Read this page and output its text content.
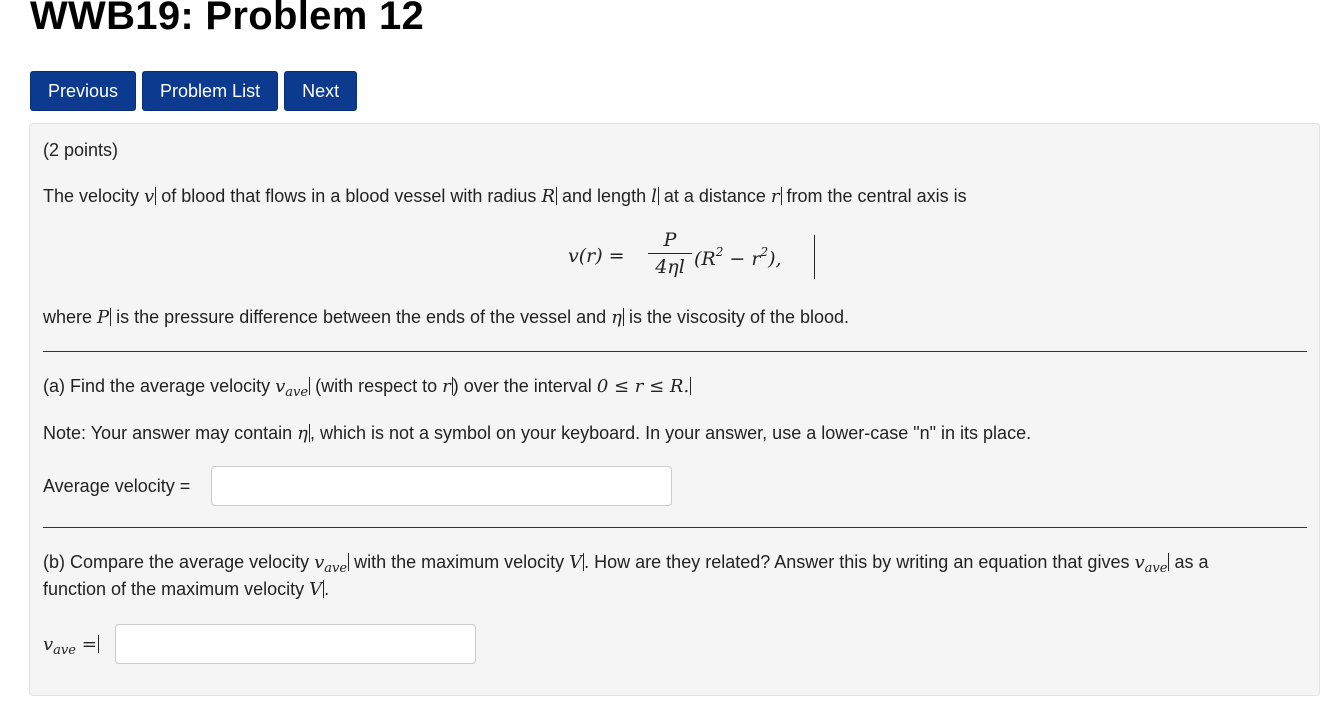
WWB19: Problem 12
Previous	Problem List	Next
(2 points)
The velocity v of blood that flows in a blood vessel with radius R and length l at a distance r from the central axis is
v(r) =
P
4ηl $(R^2 - r^2)$,
where P is the pressure difference between the ends of the vessel and η is the viscosity of the blood.
(a) Find the average velocity $v_{ave}$ (with respect to r ) over the interval 0 ≤ r ≤ R.
Note: Your answer may contain η , which is not a symbol on your keyboard. In your answer, use a lower-case "n" in its place.
Average velocity =
(b) Compare the average velocity $v_{ave}$ with the maximum velocity V . How are they related? Answer this by writing an equation that gives $v_{ave}$ as a
function of the maximum velocity V .
$v_{ave}$ =
